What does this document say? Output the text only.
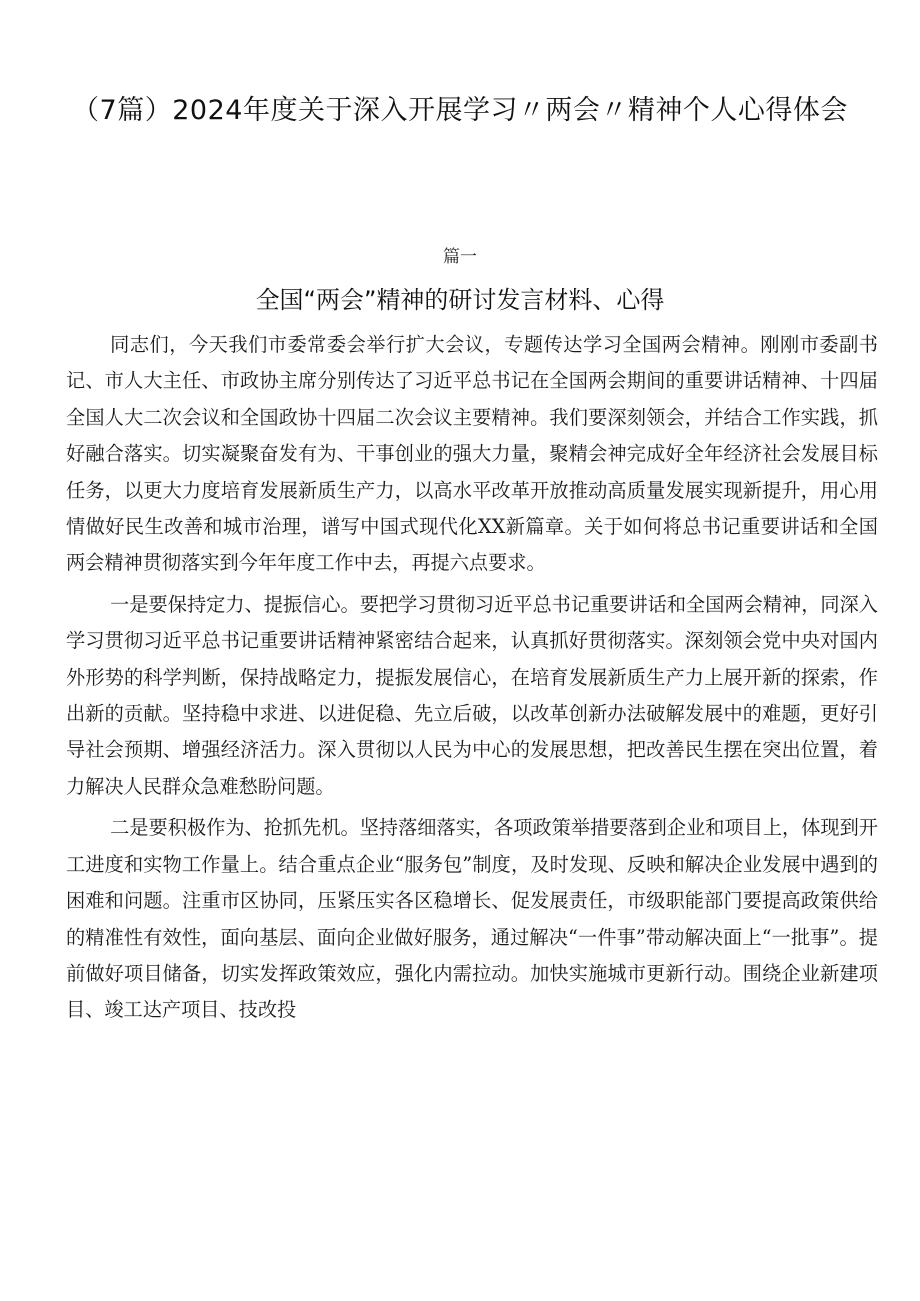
（7篇）2024年度关于深入开展学习〃两会〃精神个人心得体会
篇一
全国“两会”精神的研讨发言材料、心得

同志们，今天我们市委常委会举行扩大会议，专题传达学习全国两会精神。刚刚市委副书记、市人大主任、市政协主席分别传达了习近平总书记在全国两会期间的重要讲话精神、十四届全国人大二次会议和全国政协十四届二次会议主要精神。我们要深刻领会，并结合工作实践，抓好融合落实。切实凝聚奋发有为、干事创业的强大力量，聚精会神完成好全年经济社会发展目标任务，以更大力度培育发展新质生产力，以高水平改革开放推动高质量发展实现新提升，用心用情做好民生改善和城市治理，谱写中国式现代化XX新篇章。关于如何将总书记重要讲话和全国两会精神贯彻落实到今年年度工作中去，再提六点要求。

一是要保持定力、提振信心。要把学习贯彻习近平总书记重要讲话和全国两会精神，同深入学习贯彻习近平总书记重要讲话精神紧密结合起来，认真抓好贯彻落实。深刻领会党中央对国内外形势的科学判断，保持战略定力，提振发展信心，在培育发展新质生产力上展开新的探索，作出新的贡献。坚持稳中求进、以进促稳、先立后破，以改革创新办法破解发展中的难题，更好引导社会预期、增强经济活力。深入贯彻以人民为中心的发展思想，把改善民生摆在突出位置，着力解决人民群众急难愁盼问题。

二是要积极作为、抢抓先机。坚持落细落实，各项政策举措要落到企业和项目上，体现到开工进度和实物工作量上。结合重点企业“服务包”制度，及时发现、反映和解决企业发展中遇到的困难和问题。注重市区协同，压紧压实各区稳增长、促发展责任，市级职能部门要提高政策供给的精准性有效性，面向基层、面向企业做好服务，通过解决“一件事”带动解决面上“一批事”。提前做好项目储备，切实发挥政策效应，强化内需拉动。加快实施城市更新行动。围绕企业新建项目、竣工达产项目、技改投
